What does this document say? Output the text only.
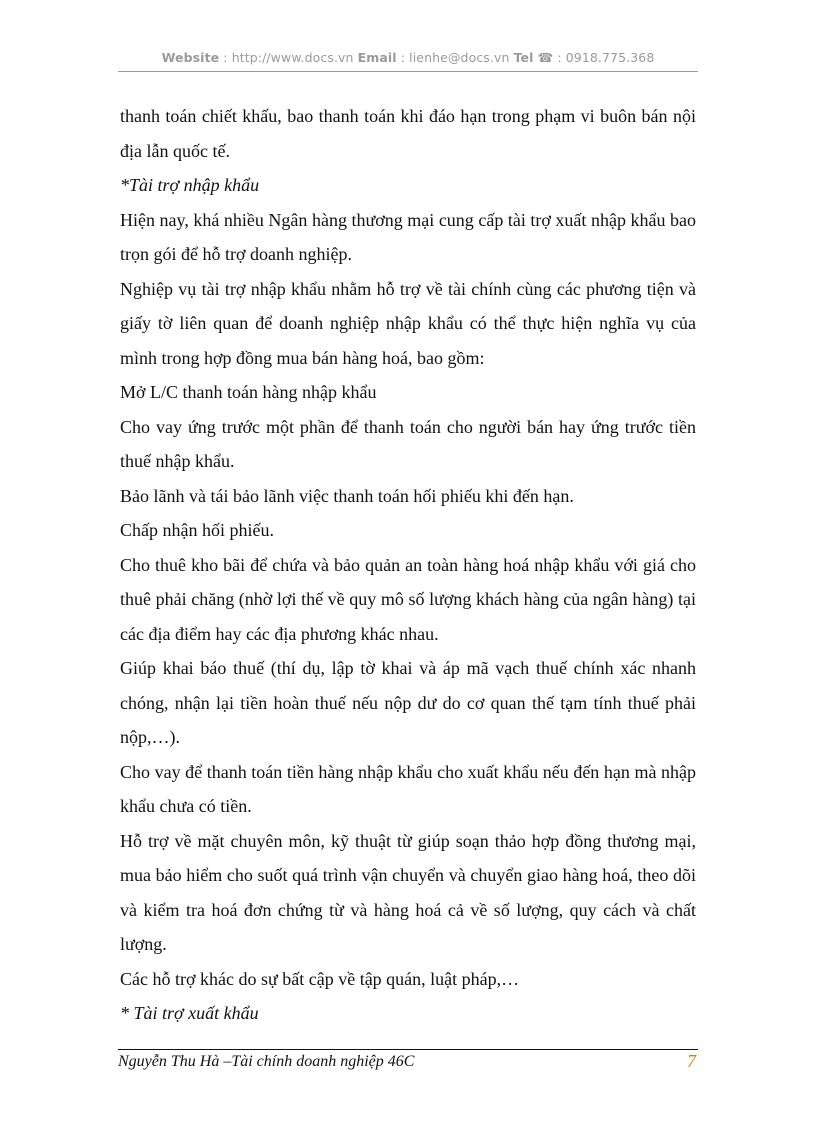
Website : http://www.docs.vn Email : lienhe@docs.vn Tel ☎ : 0918.775.368

thanh toán chiết khấu, bao thanh toán khi đáo hạn trong phạm vi buôn bán nội địa lẫn quốc tế.

*Tài trợ nhập khẩu

Hiện nay, khá nhiều Ngân hàng thương mại cung cấp tài trợ xuất nhập khẩu bao trọn gói để hỗ trợ doanh nghiệp.

Nghiệp vụ tài trợ nhập khẩu nhằm hỗ trợ về tài chính cùng các phương tiện và giấy tờ liên quan để doanh nghiệp nhập khẩu có thể thực hiện nghĩa vụ của mình trong hợp đồng mua bán hàng hoá, bao gồm:

Mở L/C thanh toán hàng nhập khẩu

Cho vay ứng trước một phần để thanh toán cho người bán hay ứng trước tiền thuế nhập khẩu.

Bảo lãnh và tái bảo lãnh việc thanh toán hối phiếu khi đến hạn.

Chấp nhận hối phiếu.

Cho thuê kho bãi để chứa và bảo quản an toàn hàng hoá nhập khẩu với giá cho thuê phải chăng (nhờ lợi thế về quy mô số lượng khách hàng của ngân hàng) tại các địa điểm hay các địa phương khác nhau.

Giúp khai báo thuế (thí dụ, lập tờ khai và áp mã vạch thuế chính xác nhanh chóng, nhận lại tiền hoàn thuế nếu nộp dư do cơ quan thế tạm tính thuế phải nộp,…).

Cho vay để thanh toán tiền hàng nhập khẩu cho xuất khẩu nếu đến hạn mà nhập khẩu chưa có tiền.

Hỗ trợ về mặt chuyên môn, kỹ thuật từ giúp soạn thảo hợp đồng thương mại, mua bảo hiểm cho suốt quá trình vận chuyển và chuyển giao hàng hoá, theo dõi và kiểm tra hoá đơn chứng từ và hàng hoá cả về số lượng, quy cách và chất lượng.

Các hỗ trợ khác do sự bất cập về tập quán, luật pháp,…

* Tài trợ xuất khẩu

Nguyễn Thu Hà –Tài chính doanh nghiệp 46C	7
